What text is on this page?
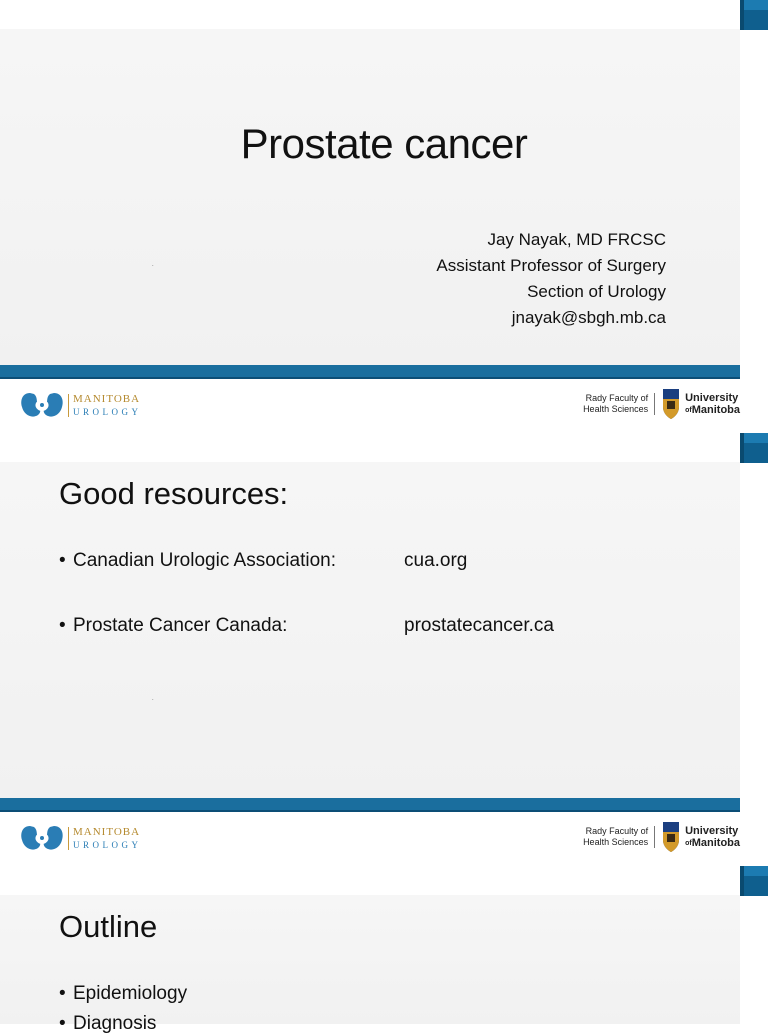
Prostate cancer
Jay Nayak, MD FRCSC
Assistant Professor of Surgery
Section of Urology
jnayak@sbgh.mb.ca
.
MANITOBA
UROLOGY
Rady Faculty of
Health Sciences
University
ofManitoba
Good resources:
• Canadian Urologic Association:	cua.org
• Prostate Cancer Canada:	prostatecancer.ca
.
MANITOBA
UROLOGY
Rady Faculty of
Health Sciences
University
ofManitoba
Outline
• Epidemiology
• Diagnosis
